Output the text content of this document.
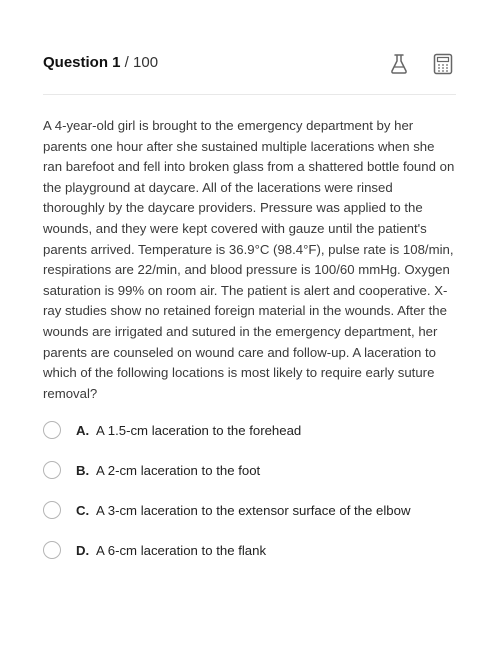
Question 1 / 100
A 4-year-old girl is brought to the emergency department by her parents one hour after she sustained multiple lacerations when she ran barefoot and fell into broken glass from a shattered bottle found on the playground at daycare. All of the lacerations were rinsed thoroughly by the daycare providers. Pressure was applied to the wounds, and they were kept covered with gauze until the patient's parents arrived. Temperature is 36.9°C (98.4°F), pulse rate is 108/min, respirations are 22/min, and blood pressure is 100/60 mmHg. Oxygen saturation is 99% on room air. The patient is alert and cooperative. X-ray studies show no retained foreign material in the wounds. After the wounds are irrigated and sutured in the emergency department, her parents are counseled on wound care and follow-up. A laceration to which of the following locations is most likely to require early suture removal?
A. A 1.5-cm laceration to the forehead
B. A 2-cm laceration to the foot
C. A 3-cm laceration to the extensor surface of the elbow
D. A 6-cm laceration to the flank
